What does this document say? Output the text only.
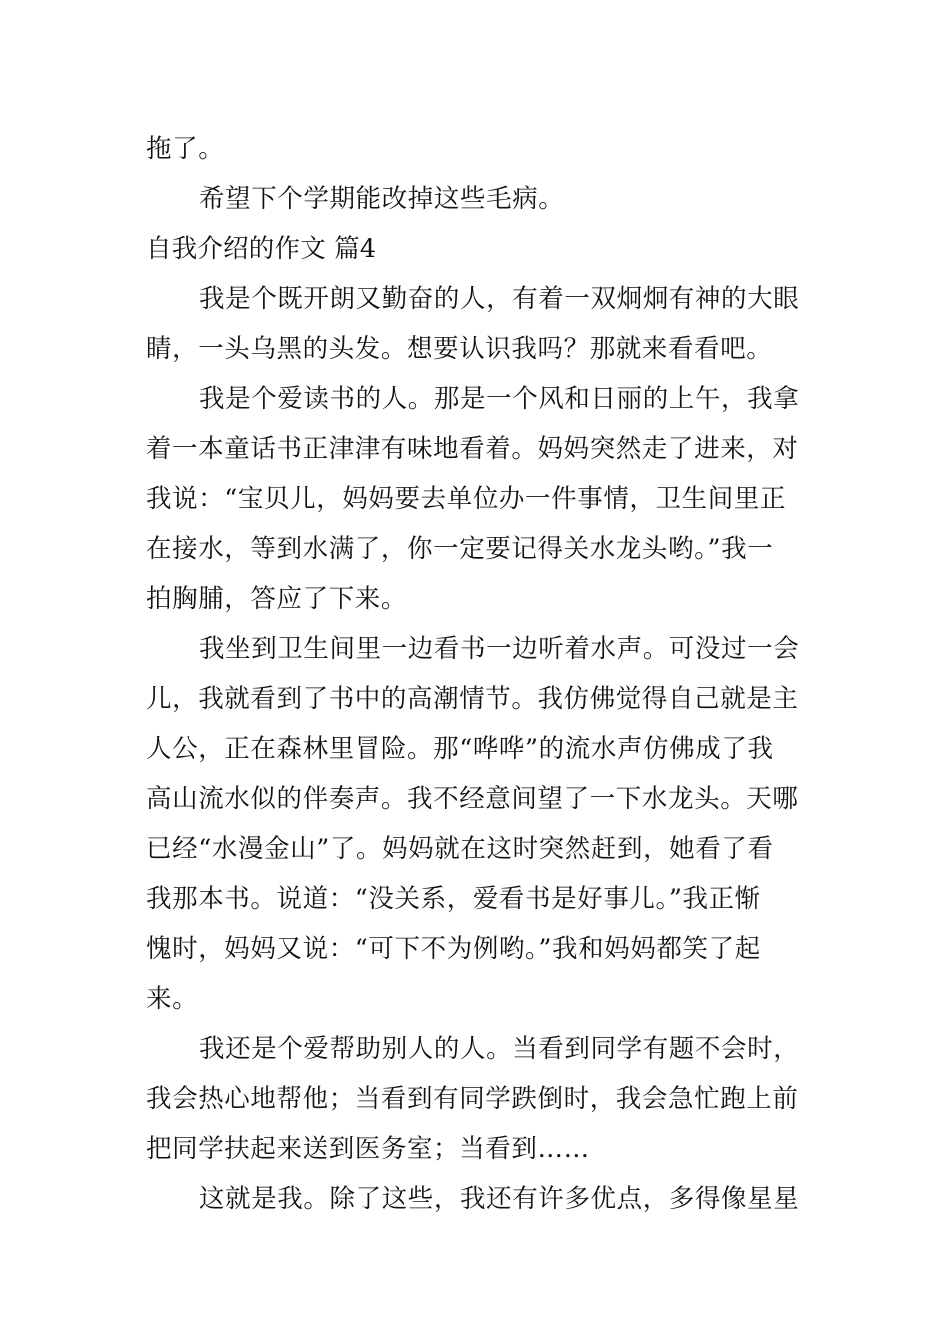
拖了。
希望下个学期能改掉这些毛病。
自我介绍的作文 篇4
我是个既开朗又勤奋的人，有着一双炯炯有神的大眼
睛，一头乌黑的头发。想要认识我吗？那就来看看吧。
我是个爱读书的人。那是一个风和日丽的上午，我拿
着一本童话书正津津有味地看着。妈妈突然走了进来，对
我说：“宝贝儿，妈妈要去单位办一件事情，卫生间里正
在接水，等到水满了，你一定要记得关水龙头哟。”我一
拍胸脯，答应了下来。
我坐到卫生间里一边看书一边听着水声。可没过一会
儿，我就看到了书中的高潮情节。我仿佛觉得自己就是主
人公，正在森林里冒险。那“哗哗”的流水声仿佛成了我
高山流水似的伴奏声。我不经意间望了一下水龙头。天哪
已经“水漫金山”了。妈妈就在这时突然赶到，她看了看
我那本书。说道：“没关系，爱看书是好事儿。”我正惭
愧时，妈妈又说：“可下不为例哟。”我和妈妈都笑了起
来。
我还是个爱帮助别人的人。当看到同学有题不会时，
我会热心地帮他；当看到有同学跌倒时，我会急忙跑上前
把同学扶起来送到医务室；当看到……
这就是我。除了这些，我还有许多优点，多得像星星
